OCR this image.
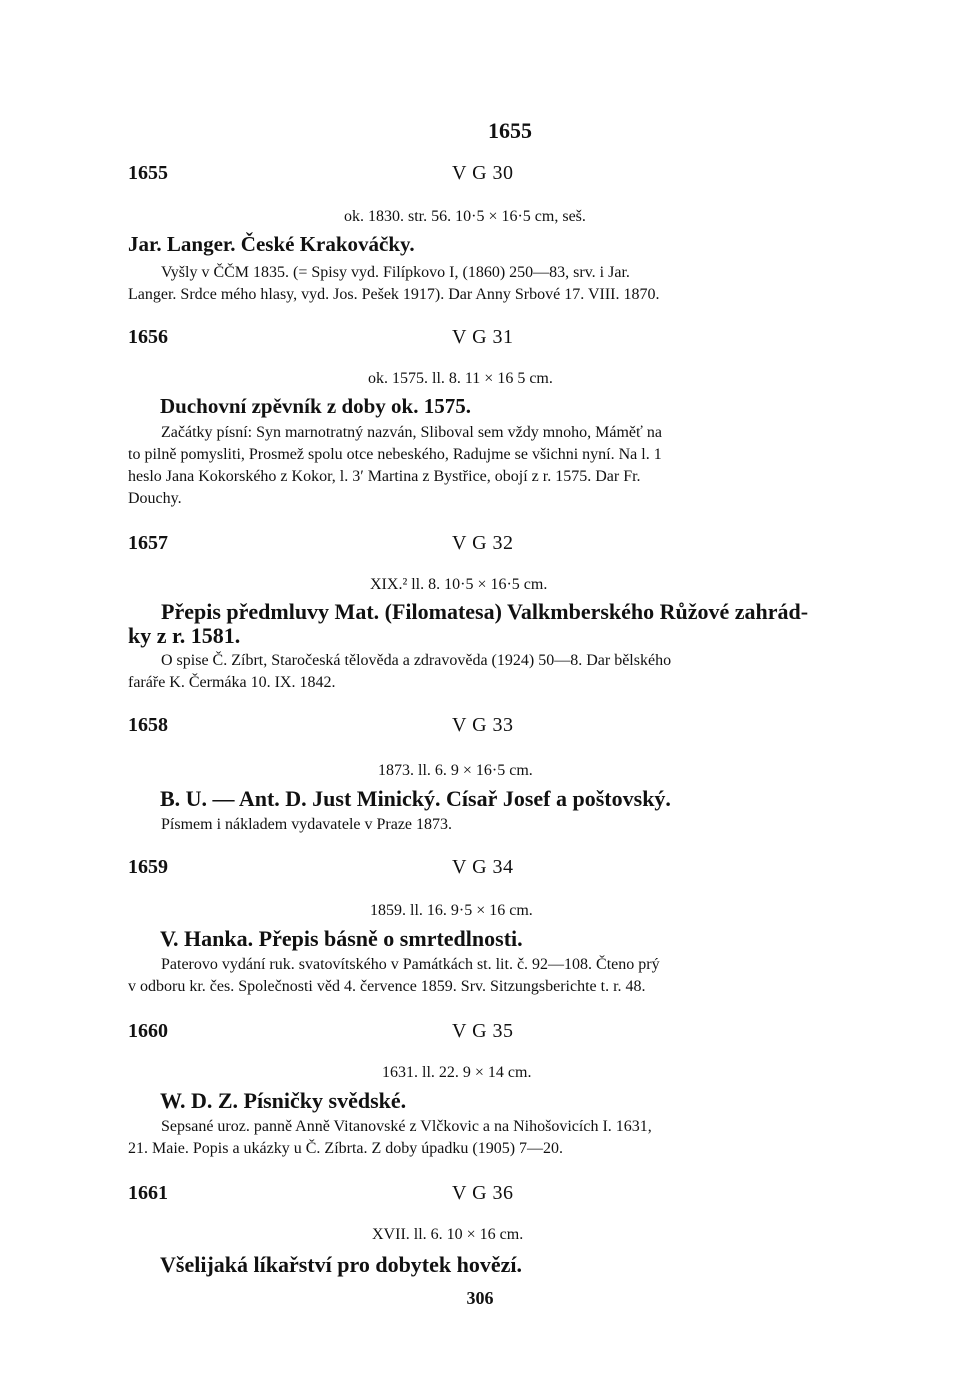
1655
1655	V G 30
ok. 1830. str. 56. 10·5 × 16·5 cm, seš.
Jar. Langer. České Krakováčky.

Vyšly v ČČM 1835. (= Spisy vyd. Filípkovo I, (1860) 250—83, srv. i Jar.
Langer. Srdce mého hlasy, vyd. Jos. Pešek 1917). Dar Anny Srbové 17. VIII. 1870.

1656	V G 31
ok. 1575. ll. 8. 11 × 16 5 cm.
Duchovní zpěvník z doby ok. 1575.

Začátky písní: Syn marnotratný nazván, Sliboval sem vždy mnoho, Máměť na
to pilně pomysliti, Prosmež spolu otce nebeského, Radujme se všichni nyní. Na l. 1
heslo Jana Kokorského z Kokor, l. 3′ Martina z Bystřice, obojí z r. 1575. Dar Fr.
Douchy.

1657	V G 32
XIX.² ll. 8. 10·5 × 16·5 cm.
Přepis předmluvy Mat. (Filomatesa) Valkmberského Růžové zahrád-
ky z r. 1581.

O spise Č. Zíbrt, Staročeská tělověda a zdravověda (1924) 50—8. Dar bělského
faráře K. Čermáka 10. IX. 1842.

1658	V G 33
1873. ll. 6. 9 × 16·5 cm.
B. U. — Ant. D. Just Minický. Císař Josef a poštovský.

Písmem i nákladem vydavatele v Praze 1873.

1659	V G 34
1859. ll. 16. 9·5 × 16 cm.
V. Hanka. Přepis básně o smrtedlnosti.

Paterovo vydání ruk. svatovítského v Památkách st. lit. č. 92—108. Čteno prý
v odboru kr. čes. Společnosti věd 4. července 1859. Srv. Sitzungsberichte t. r. 48.

1660	V G 35
1631. ll. 22. 9 × 14 cm.
W. D. Z. Písničky svědské.

Sepsané uroz. panně Anně Vitanovské z Vlčkovic a na Nihošovicích I. 1631,
21. Maie. Popis a ukázky u Č. Zíbrta. Z doby úpadku (1905) 7—20.

1661	V G 36
XVII. ll. 6. 10 × 16 cm.
Všelijaká líkařství pro dobytek hovězí.
306
